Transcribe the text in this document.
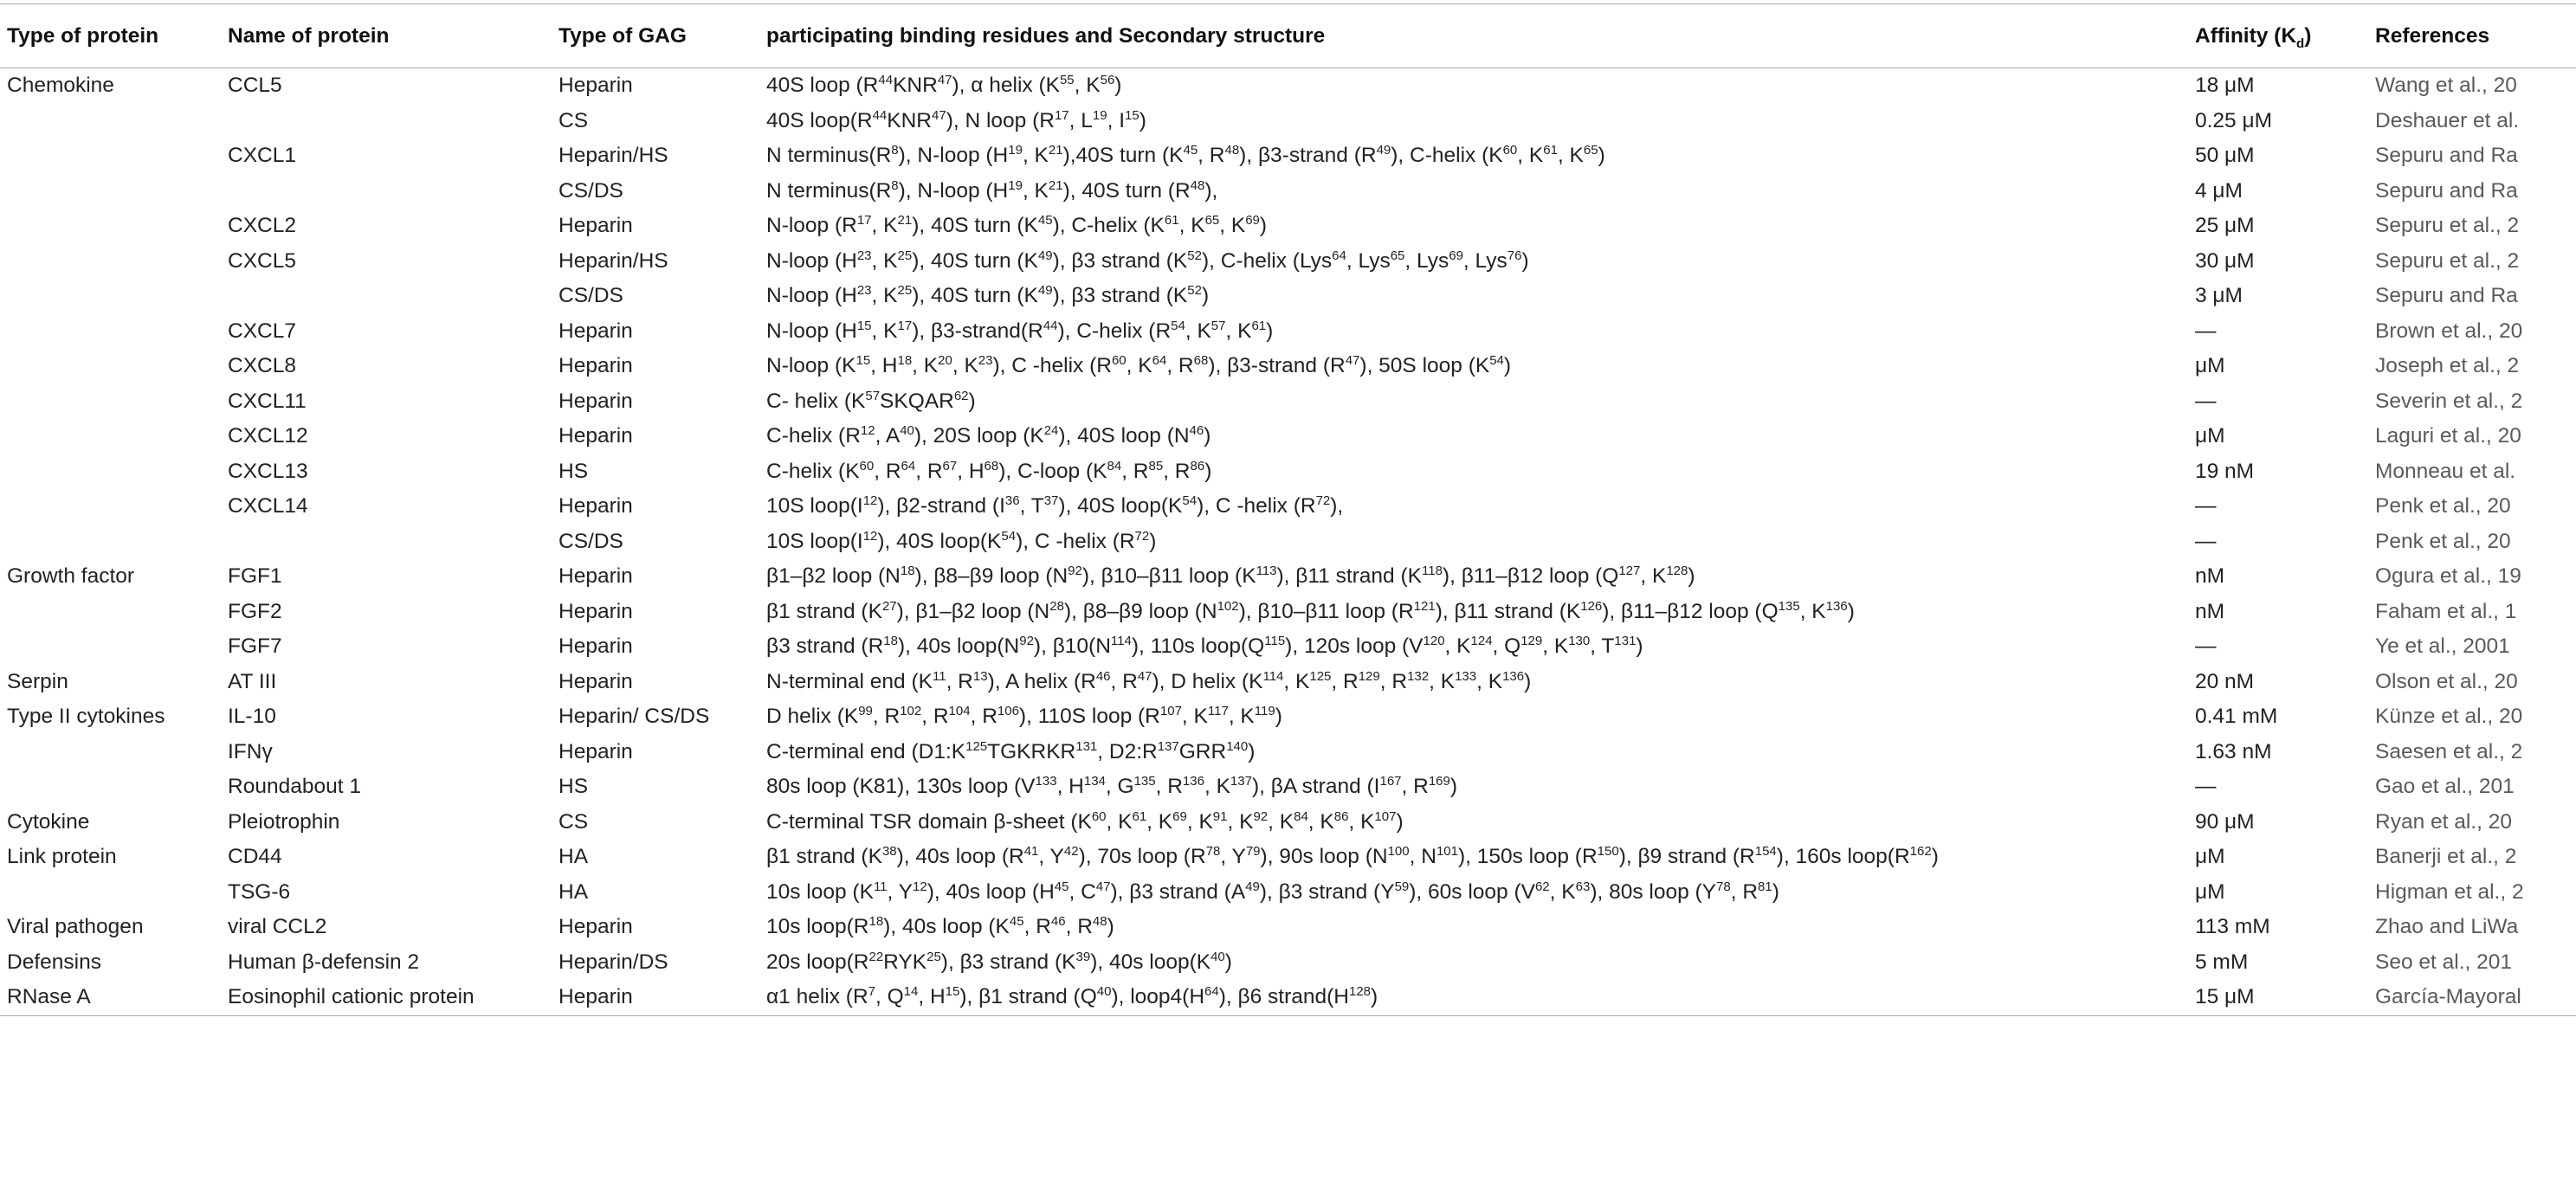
Type of protein	Name of protein	Type of GAG	participating binding residues and Secondary structure	Affinity $(K_d)$	References
Chemokine	CCL5	Heparin	40S loop $(R^{44}KNR^{47})$, α helix ($K^{55}$, $K^{56}$)	18 μM	Wang et al., 20
		CS	40S $loop(R^{44}KNR^{47})$, N loop ($R^{17}$, $L^{19}$, $I^{15}$)	0.25 μM	Deshauer et al.
	CXCL1	Heparin/HS	N $terminus(R^8)$, N-loop ($H^{19}$, $K^{21}),40S$ turn ($K^{45}$, $R^{48}$), β3-strand $(R^{49})$, C-helix ($K^{60}$, $K^{61}$, $K^{65}$)	50 μM	Sepuru and Ra
		CS/DS	N $terminus(R^8)$, N-loop ($H^{19}$, $K^{21}$), 40S turn $(R^{48})$,	4 μM	Sepuru and Ra
	CXCL2	Heparin	N-loop ($R^{17}$, $K^{21}$), 40S turn $(K^{45})$, C-helix ($K^{61}$, $K^{65}$, $K^{69}$)	25 μM	Sepuru et al., 2
	CXCL5	Heparin/HS	N-loop ($H^{23}$, $K^{25}$), 40S turn $(K^{49})$, β3 strand $(K^{52})$, C-helix (Lys$^{64}$, Lys$^{65}$, Lys$^{69}$, Lys$^{76}$)	30 μM	Sepuru et al., 2
		CS/DS	N-loop ($H^{23}$, $K^{25}$), 40S turn $(K^{49})$, β3 strand $(K^{52})$	3 μM	Sepuru and Ra
	CXCL7	Heparin	N-loop ($H^{15}$, $K^{17}$), $\beta 3-strand(R^{44})$, C-helix ($R^{54}$, $K^{57}$, $K^{61}$)	—	Brown et al., 20
	CXCL8	Heparin	N-loop ($K^{15}$, $H^{18}$, $K^{20}$, $K^{23}$), C -helix ($R^{60}$, $K^{64}$, $R^{68}$), β3-strand $(R^{47})$, 50S loop $(K^{54})$	μM	Joseph et al., 2
	CXCL11	Heparin	C- helix $(K^{57}SKQAR^{62})$	—	Severin et al., 2
	CXCL12	Heparin	C-helix ($R^{12}$, $A^{40}$), 20S loop $(K^{24})$, 40S loop $(N^{46})$	μM	Laguri et al., 20
	CXCL13	HS	C-helix ($K^{60}$, $R^{64}$, $R^{67}$, $H^{68}$), C-loop ($K^{84}$, $R^{85}$, $R^{86}$)	19 nM	Monneau et al.
	CXCL14	Heparin	10S $loop(I^{12})$, β2-strand ($I^{36}$, $T^{37}$), 40S $loop(K^{54})$, C -helix $(R^{72})$,	—	Penk et al., 20
		CS/DS	10S $loop(I^{12})$, 40S $loop(K^{54})$, C -helix $(R^{72})$	—	Penk et al., 20
Growth factor	FGF1	Heparin	β1–β2 loop $(N^{18})$, β8–β9 loop $(N^{92})$, β10–β11 loop $(K^{113})$, β11 strand $(K^{118})$, β11–β12 loop ($Q^{127}$, $K^{128}$)	nM	Ogura et al., 19
	FGF2	Heparin	β1 strand $(K^{27})$, β1–β2 loop $(N^{28})$, β8–β9 loop $(N^{102})$, β10–β11 loop $(R^{121})$, β11 strand $(K^{126})$, β11–β12 loop ($Q^{135}$, $K^{136}$)	nM	Faham et al., 1
	FGF7	Heparin	β3 strand $(R^{18})$, 40s $loop(N^{92})$, $\beta 10(N^{114})$, 110s $loop(Q^{115})$, 120s loop ($V^{120}$, $K^{124}$, $Q^{129}$, $K^{130}$, $T^{131}$)	—	Ye et al., 2001
Serpin	AT III	Heparin	N-terminal end ($K^{11}$, $R^{13}$), A helix ($R^{46}$, $R^{47}$), D helix ($K^{114}$, $K^{125}$, $R^{129}$, $R^{132}$, $K^{133}$, $K^{136}$)	20 nM	Olson et al., 20
Type II cytokines	IL-10	Heparin/ CS/DS	D helix ($K^{99}$, $R^{102}$, $R^{104}$, $R^{106}$), 110S loop ($R^{107}$, $K^{117}$, $K^{119}$)	0.41 mM	Künze et al., 20
	IFNγ	Heparin	C-terminal end ($D1:K^{125}TGKRKR^{131}$, $D2:R^{137}GRR^{140}$)	1.63 nM	Saesen et al., 2
	Roundabout 1	HS	80s loop (K81), 130s loop ($V^{133}$, $H^{134}$, $G^{135}$, $R^{136}$, $K^{137}$), βA strand ($I^{167}$, $R^{169}$)	—	Gao et al., 201
Cytokine	Pleiotrophin	CS	C-terminal TSR domain β-sheet ($K^{60}$, $K^{61}$, $K^{69}$, $K^{91}$, $K^{92}$, $K^{84}$, $K^{86}$, $K^{107}$)	90 μM	Ryan et al., 20
Link protein	CD44	HA	β1 strand $(K^{38})$, 40s loop ($R^{41}$, $Y^{42}$), 70s loop ($R^{78}$, $Y^{79}$), 90s loop ($N^{100}$, $N^{101}$), 150s loop $(R^{150})$, β9 strand $(R^{154})$, 160s $loop(R^{162})$	μM	Banerji et al., 2
	TSG-6	HA	10s loop ($K^{11}$, $Y^{12}$), 40s loop ($H^{45}$, $C^{47}$), β3 strand $(A^{49})$, β3 strand $(Y^{59})$, 60s loop ($V^{62}$, $K^{63}$), 80s loop ($Y^{78}$, $R^{81}$)	μM	Higman et al., 2
Viral pathogen	viral CCL2	Heparin	10s $loop(R^{18})$, 40s loop ($K^{45}$, $R^{46}$, $R^{48}$)	113 mM	Zhao and LiWa
Defensins	Human β-defensin 2	Heparin/DS	20s $loop(R^{22}RYK^{25})$, β3 strand $(K^{39})$, 40s $loop(K^{40})$	5 mM	Seo et al., 201
RNase A	Eosinophil cationic protein	Heparin	α1 helix ($R^7$, $Q^{14}$, $H^{15}$), β1 strand $(Q^{40})$, $loop4(H^{64})$, β6 $strand(H^{128})$	15 μM	García-Mayoral
